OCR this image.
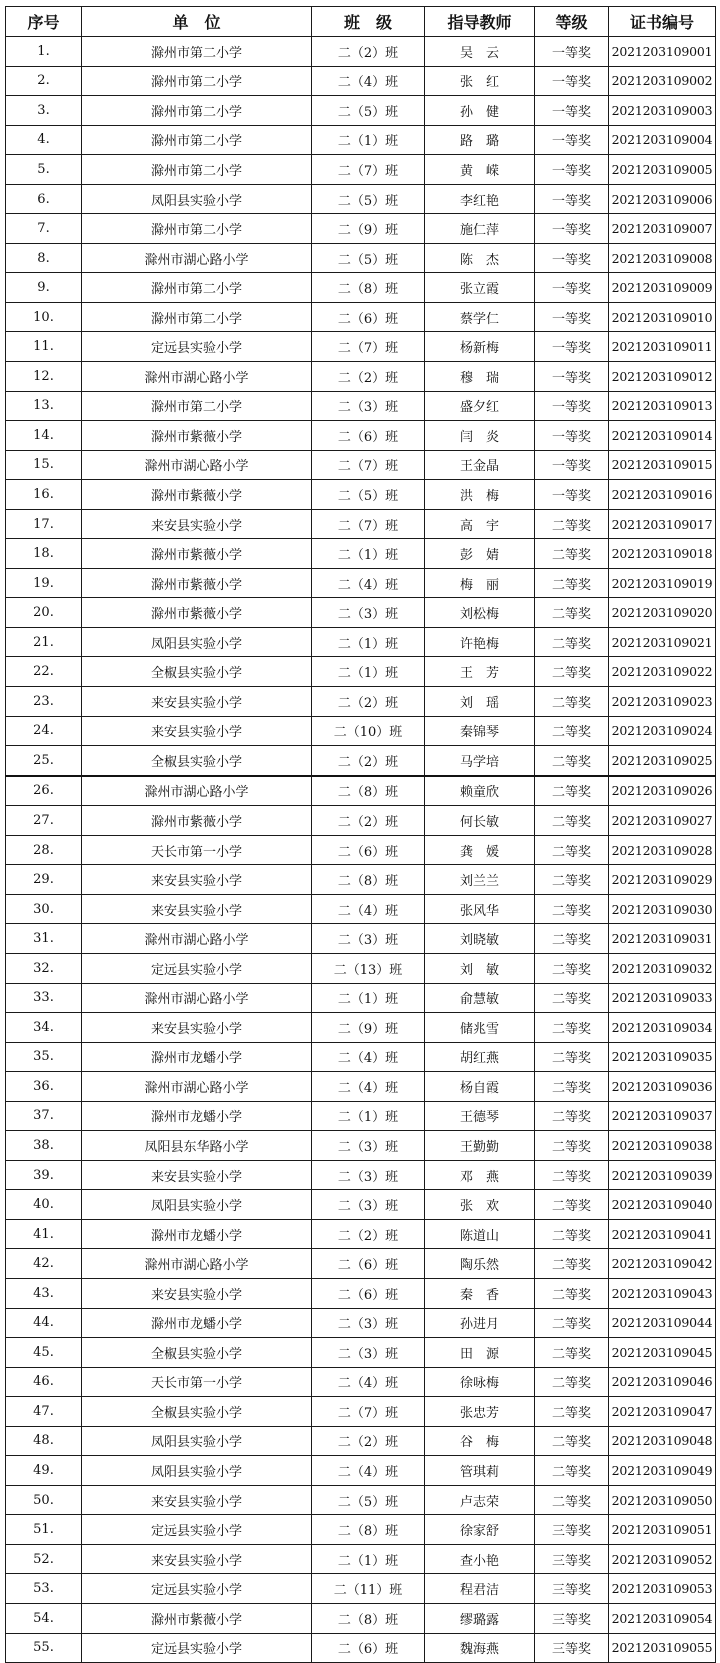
序号	单　位	班　级	指导教师	等级	证书编号
1.	滁州市第二小学	二（2）班	吴　云	一等奖	2021203109001
2.	滁州市第二小学	二（4）班	张　红	一等奖	2021203109002
3.	滁州市第二小学	二（5）班	孙　健	一等奖	2021203109003
4.	滁州市第二小学	二（1）班	路　璐	一等奖	2021203109004
5.	滁州市第二小学	二（7）班	黄　嵘	一等奖	2021203109005
6.	凤阳县实验小学	二（5）班	李红艳	一等奖	2021203109006
7.	滁州市第二小学	二（9）班	施仁萍	一等奖	2021203109007
8.	滁州市湖心路小学	二（5）班	陈　杰	一等奖	2021203109008
9.	滁州市第二小学	二（8）班	张立霞	一等奖	2021203109009
10.	滁州市第二小学	二（6）班	蔡学仁	一等奖	2021203109010
11.	定远县实验小学	二（7）班	杨新梅	一等奖	2021203109011
12.	滁州市湖心路小学	二（2）班	穆　瑞	一等奖	2021203109012
13.	滁州市第二小学	二（3）班	盛夕红	一等奖	2021203109013
14.	滁州市紫薇小学	二（6）班	闫　炎	一等奖	2021203109014
15.	滁州市湖心路小学	二（7）班	王金晶	一等奖	2021203109015
16.	滁州市紫薇小学	二（5）班	洪　梅	一等奖	2021203109016
17.	来安县实验小学	二（7）班	高　宇	二等奖	2021203109017
18.	滁州市紫薇小学	二（1）班	彭　婧	二等奖	2021203109018
19.	滁州市紫薇小学	二（4）班	梅　丽	二等奖	2021203109019
20.	滁州市紫薇小学	二（3）班	刘松梅	二等奖	2021203109020
21.	凤阳县实验小学	二（1）班	许艳梅	二等奖	2021203109021
22.	全椒县实验小学	二（1）班	王　芳	二等奖	2021203109022
23.	来安县实验小学	二（2）班	刘　瑶	二等奖	2021203109023
24.	来安县实验小学	二（10）班	秦锦琴	二等奖	2021203109024
25.	全椒县实验小学	二（2）班	马学培	二等奖	2021203109025
26.	滁州市湖心路小学	二（8）班	赖童欣	二等奖	2021203109026
27.	滁州市紫薇小学	二（2）班	何长敏	二等奖	2021203109027
28.	天长市第一小学	二（6）班	龚　媛	二等奖	2021203109028
29.	来安县实验小学	二（8）班	刘兰兰	二等奖	2021203109029
30.	来安县实验小学	二（4）班	张风华	二等奖	2021203109030
31.	滁州市湖心路小学	二（3）班	刘晓敏	二等奖	2021203109031
32.	定远县实验小学	二（13）班	刘　敏	二等奖	2021203109032
33.	滁州市湖心路小学	二（1）班	俞慧敏	二等奖	2021203109033
34.	来安县实验小学	二（9）班	储兆雪	二等奖	2021203109034
35.	滁州市龙蟠小学	二（4）班	胡红燕	二等奖	2021203109035
36.	滁州市湖心路小学	二（4）班	杨自霞	二等奖	2021203109036
37.	滁州市龙蟠小学	二（1）班	王德琴	二等奖	2021203109037
38.	凤阳县东华路小学	二（3）班	王勤勤	二等奖	2021203109038
39.	来安县实验小学	二（3）班	邓　燕	二等奖	2021203109039
40.	凤阳县实验小学	二（3）班	张　欢	二等奖	2021203109040
41.	滁州市龙蟠小学	二（2）班	陈道山	二等奖	2021203109041
42.	滁州市湖心路小学	二（6）班	陶乐然	二等奖	2021203109042
43.	来安县实验小学	二（6）班	秦　香	二等奖	2021203109043
44.	滁州市龙蟠小学	二（3）班	孙进月	二等奖	2021203109044
45.	全椒县实验小学	二（3）班	田　源	二等奖	2021203109045
46.	天长市第一小学	二（4）班	徐咏梅	二等奖	2021203109046
47.	全椒县实验小学	二（7）班	张忠芳	二等奖	2021203109047
48.	凤阳县实验小学	二（2）班	谷　梅	二等奖	2021203109048
49.	凤阳县实验小学	二（4）班	管琪莉	二等奖	2021203109049
50.	来安县实验小学	二（5）班	卢志荣	二等奖	2021203109050
51.	定远县实验小学	二（8）班	徐家舒	三等奖	2021203109051
52.	来安县实验小学	二（1）班	查小艳	三等奖	2021203109052
53.	定远县实验小学	二（11）班	程君洁	三等奖	2021203109053
54.	滁州市紫薇小学	二（8）班	缪璐露	三等奖	2021203109054
55.	定远县实验小学	二（6）班	魏海燕	三等奖	2021203109055
